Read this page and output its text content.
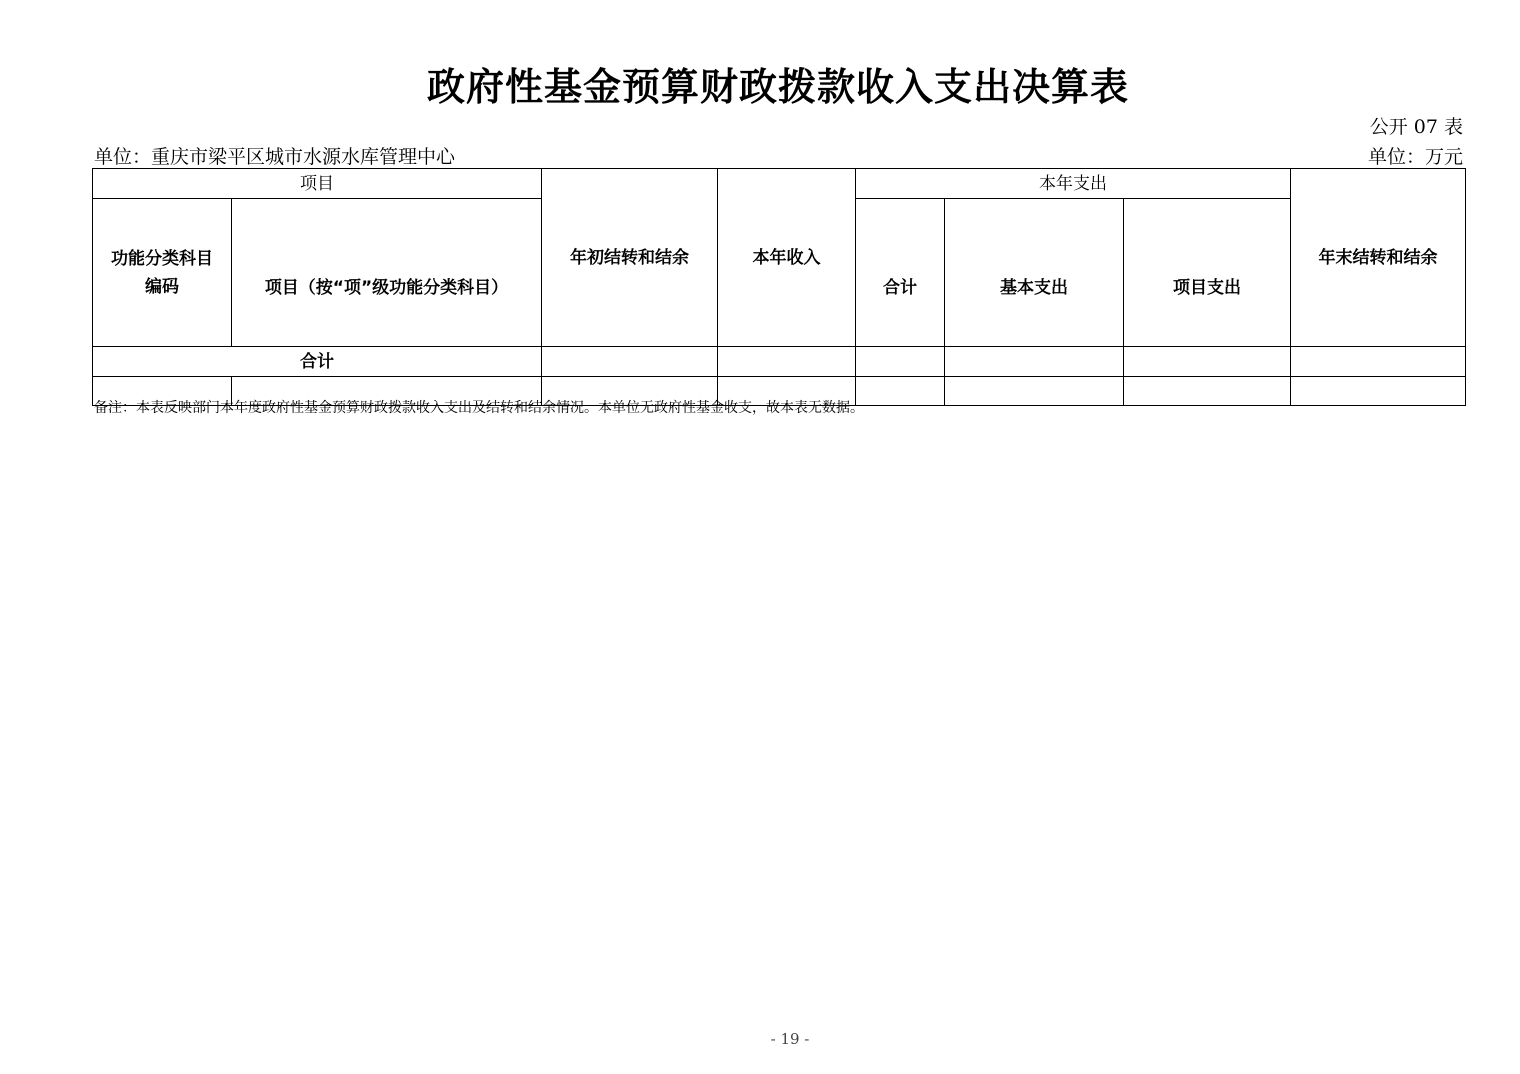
政府性基金预算财政拨款收入支出决算表
公开 07 表
单位：重庆市梁平区城市水源水库管理中心	单位：万元
项目		年初结转和结余	本年收入	本年支出			年末结转和结余
功能分类科目编码	项目（按“项”级功能分类科目）			合计	基本支出	项目支出	
合计							

备注：本表反映部门本年度政府性基金预算财政拨款收入支出及结转和结余情况。本单位无政府性基金收支，故本表无数据。
- 19 -
